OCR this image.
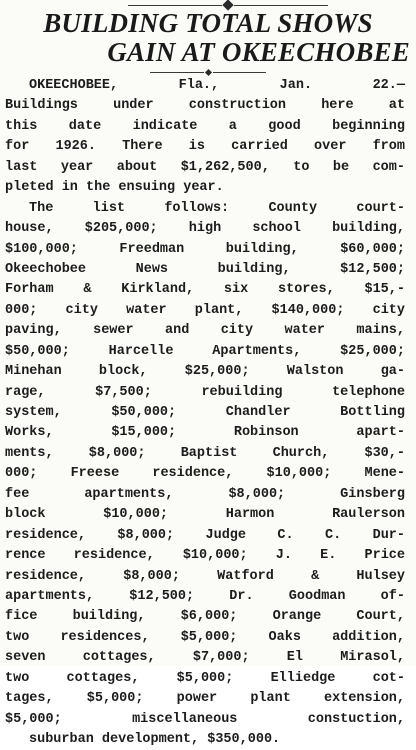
BUILDING TOTAL SHOWS
GAIN AT OKEECHOBEE
OKEECHOBEE, Fla., Jan. 22.—
Buildings under construction here at
this date indicate a good beginning
for 1926. There is carried over from
last year about $1,262,500, to be com-
pleted in the ensuing year.
The list follows: County court-
house, $205,000; high school building,
$100,000; Freedman building, $60,000;
Okeechobee News building, $12,500;
Forham & Kirkland, six stores, $15,-
000; city water plant, $140,000; city
paving, sewer and city water mains,
$50,000; Harcelle Apartments, $25,000;
Minehan block, $25,000; Walston ga-
rage, $7,500; rebuilding telephone
system, $50,000; Chandler Bottling
Works, $15,000; Robinson apart-
ments, $8,000; Baptist Church, $30,-
000; Freese residence, $10,000; Mene-
fee apartments, $8,000; Ginsberg
block $10,000; Harmon Raulerson
residence, $8,000; Judge C. C. Dur-
rence residence, $10,000; J. E. Price
residence, $8,000; Watford & Hulsey
apartments, $12,500; Dr. Goodman of-
fice building, $6,000; Orange Court,
two residences, $5,000; Oaks addition,
seven cottages, $7,000; El Mirasol,
two cottages, $5,000; Elliedge cot-
tages, $5,000; power plant extension,
$5,000; miscellaneous constuction,
suburban development, $350,000.
